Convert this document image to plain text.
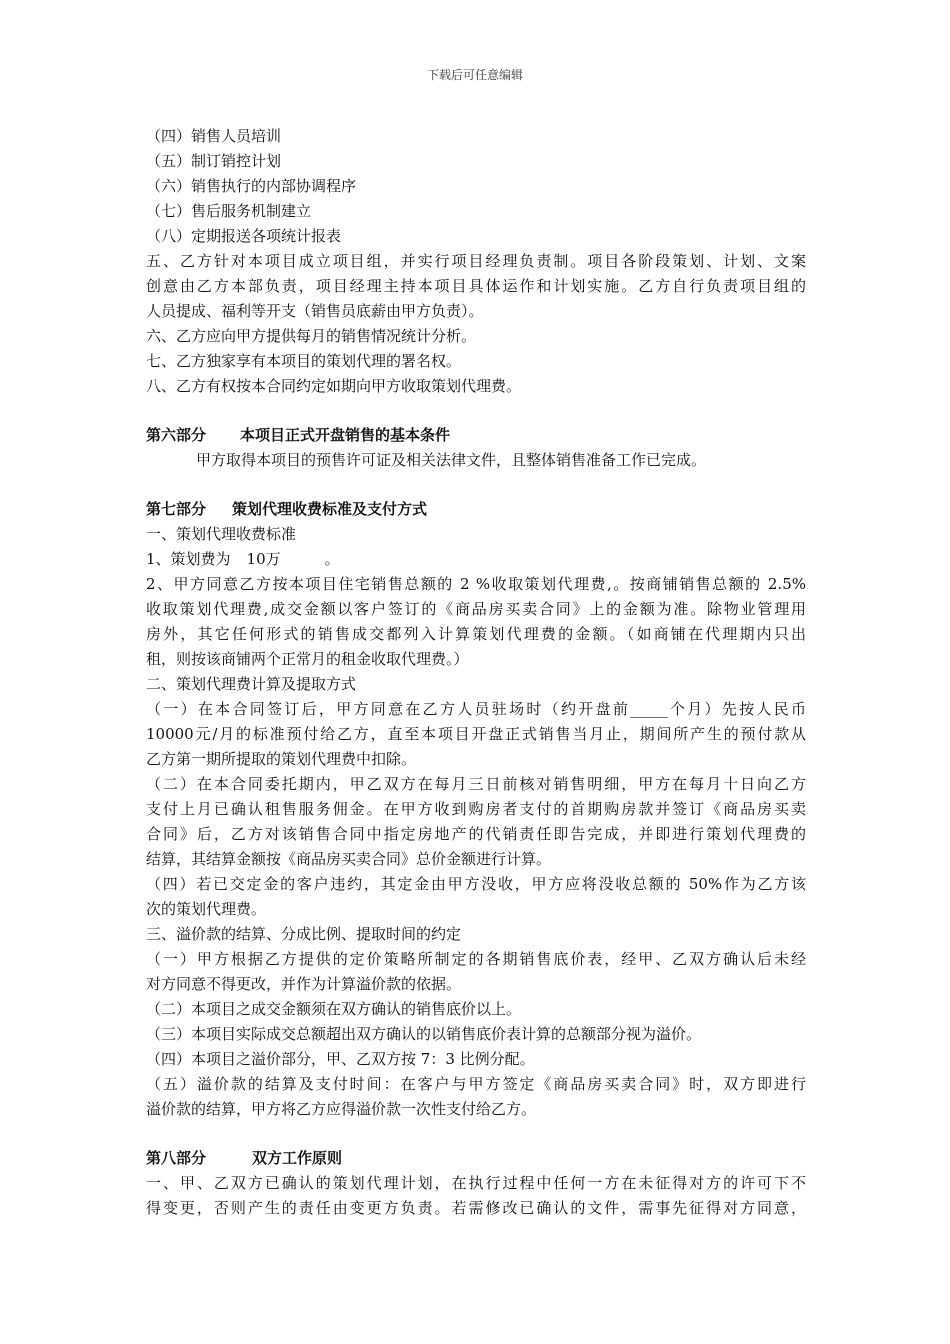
下载后可任意编辑
（四）销售人员培训
（五）制订销控计划
（六）销售执行的内部协调程序
（七）售后服务机制建立
（八）定期报送各项统计报表
五、乙方针对本项目成立项目组，并实行项目经理负责制。项目各阶段策划、计划、文案
创意由乙方本部负责，项目经理主持本项目具体运作和计划实施。乙方自行负责项目组的
人员提成、福利等开支（销售员底薪由甲方负责）。
六、乙方应向甲方提供每月的销售情况统计分析。
七、乙方独家享有本项目的策划代理的署名权。
八、乙方有权按本合同约定如期向甲方收取策划代理费。
第六部分 本项目正式开盘销售的基本条件
甲方取得本项目的预售许可证及相关法律文件，且整体销售准备工作已完成。
第七部分 策划代理收费标准及支付方式
一、策划代理收费标准
1、策划费为 10万	。
2、甲方同意乙方按本项目住宅销售总额的 2 %收取策划代理费,。按商铺销售总额的 2.5%
收取策划代理费,成交金额以客户签订的《商品房买卖合同》上的金额为准。除物业管理用
房外，其它任何形式的销售成交都列入计算策划代理费的金额。（如商铺在代理期内只出
租，则按该商铺两个正常月的租金收取代理费。）
二、策划代理费计算及提取方式
（一）在本合同签订后，甲方同意在乙方人员驻场时（约开盘前_____个月）先按人民币
10000元/月的标准预付给乙方，直至本项目开盘正式销售当月止，期间所产生的预付款从
乙方第一期所提取的策划代理费中扣除。
（二）在本合同委托期内，甲乙双方在每月三日前核对销售明细，甲方在每月十日向乙方
支付上月已确认租售服务佣金。在甲方收到购房者支付的首期购房款并签订《商品房买卖
合同》后，乙方对该销售合同中指定房地产的代销责任即告完成，并即进行策划代理费的
结算，其结算金额按《商品房买卖合同》总价金额进行计算。
（四）若已交定金的客户违约，其定金由甲方没收，甲方应将没收总额的 50%作为乙方该
次的策划代理费。
三、溢价款的结算、分成比例、提取时间的约定
（一）甲方根据乙方提供的定价策略所制定的各期销售底价表，经甲、乙双方确认后未经
对方同意不得更改，并作为计算溢价款的依据。
（二）本项目之成交金额须在双方确认的销售底价以上。
（三）本项目实际成交总额超出双方确认的以销售底价表计算的总额部分视为溢价。
（四）本项目之溢价部分，甲、乙双方按 7：3 比例分配。
（五）溢价款的结算及支付时间：在客户与甲方签定《商品房买卖合同》时，双方即进行
溢价款的结算，甲方将乙方应得溢价款一次性支付给乙方。
第八部分	双方工作原则
一、甲、乙双方已确认的策划代理计划，在执行过程中任何一方在未征得对方的许可下不
得变更，否则产生的责任由变更方负责。若需修改已确认的文件，需事先征得对方同意，
